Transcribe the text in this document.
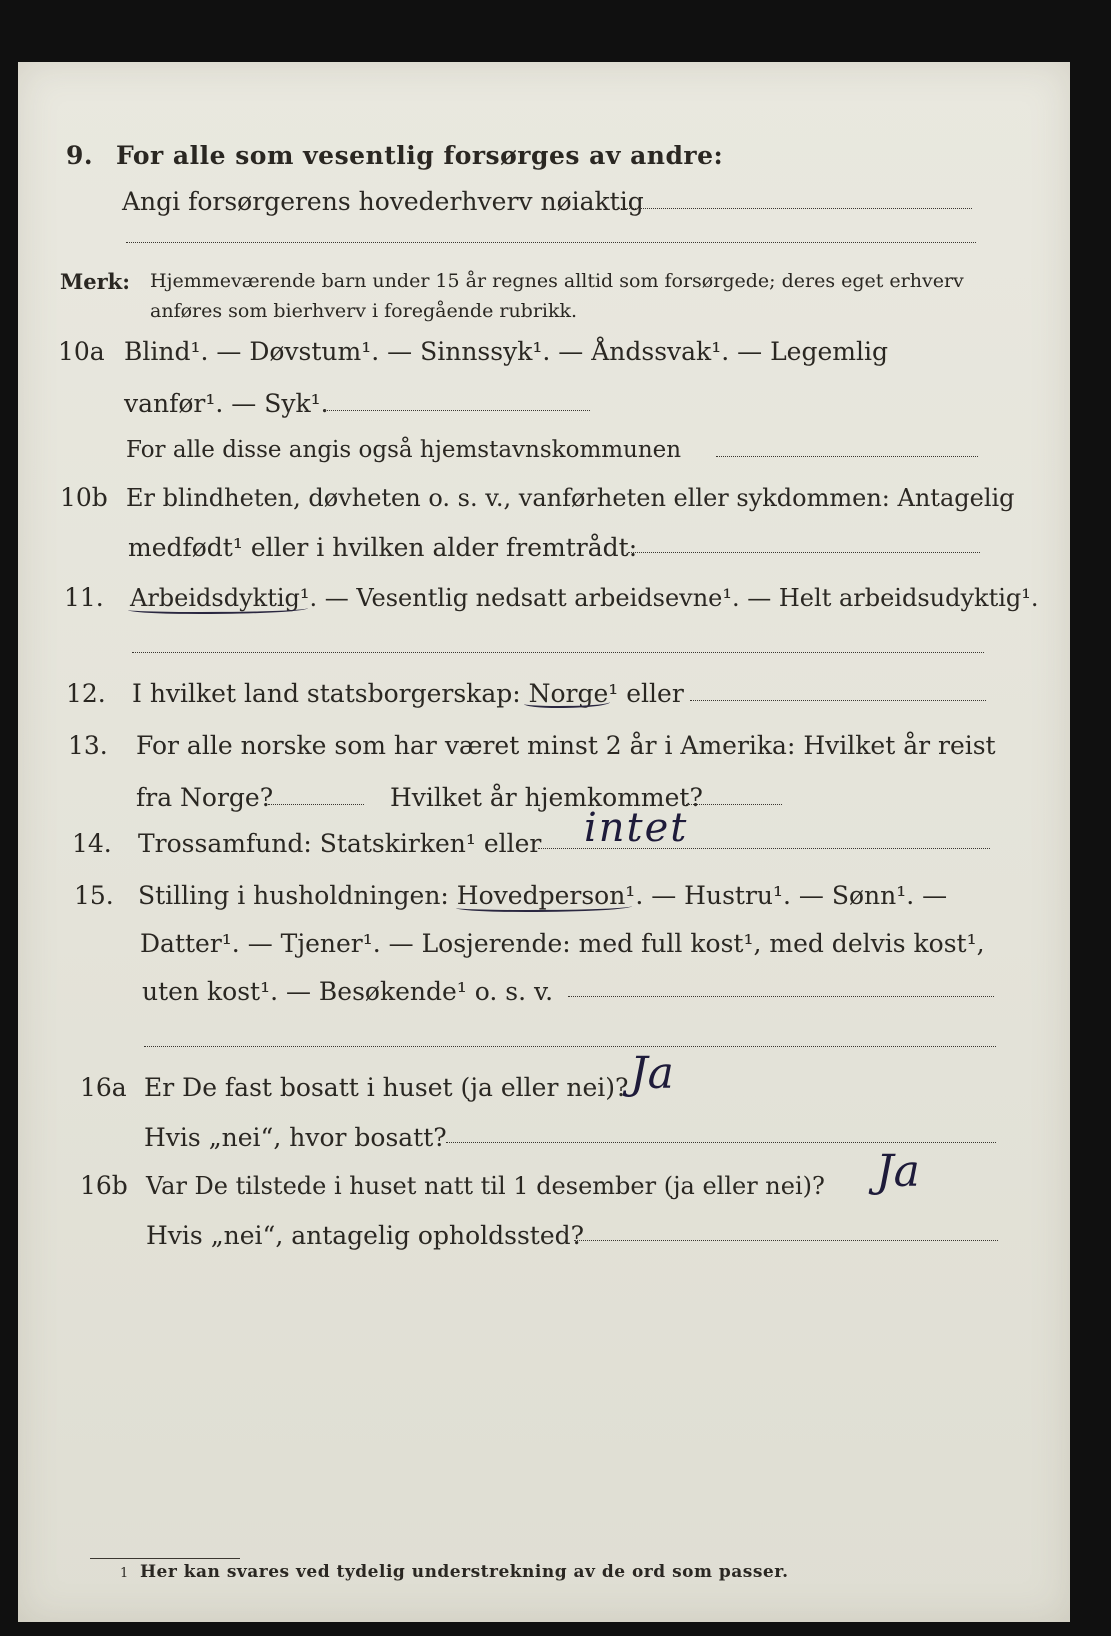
9. For alle som vesentlig forsørges av andre:
Angi forsørgerens hovederhverv nøiaktig
Merk: Hjemmeværende barn under 15 år regnes alltid som forsørgede; deres eget erhverv anføres som bierhverv i foregående rubrikk.
10a Blind¹. — Døvstum¹. — Sinnssyk¹. — Åndssvak¹. — Legemlig
vanfør¹. — Syk¹.
For alle disse angis også hjemstavnskommunen
10b Er blindheten, døvheten o. s. v., vanførheten eller sykdommen: Antagelig
medfødt¹ eller i hvilken alder fremtrådt:
11. Arbeidsdyktig¹. — Vesentlig nedsatt arbeidsevne¹. — Helt arbeidsudyktig¹.
12. I hvilket land statsborgerskap: Norge¹ eller
13. For alle norske som har været minst 2 år i Amerika: Hvilket år reist
fra Norge?	Hvilket år hjemkommet?
14. Trossamfund: Statskirken¹ eller intet
15. Stilling i husholdningen: Hovedperson¹. — Hustru¹. — Sønn¹. —
Datter¹. — Tjener¹. — Losjerende: med full kost¹, med delvis kost¹,
uten kost¹. — Besøkende¹ o. s. v.
16a Er De fast bosatt i huset (ja eller nei)? Ja
Hvis „nei“, hvor bosatt?
16b Var De tilstede i huset natt til 1 desember (ja eller nei)? Ja
Hvis „nei“, antagelig opholdssted?
1 Her kan svares ved tydelig understrekning av de ord som passer.
